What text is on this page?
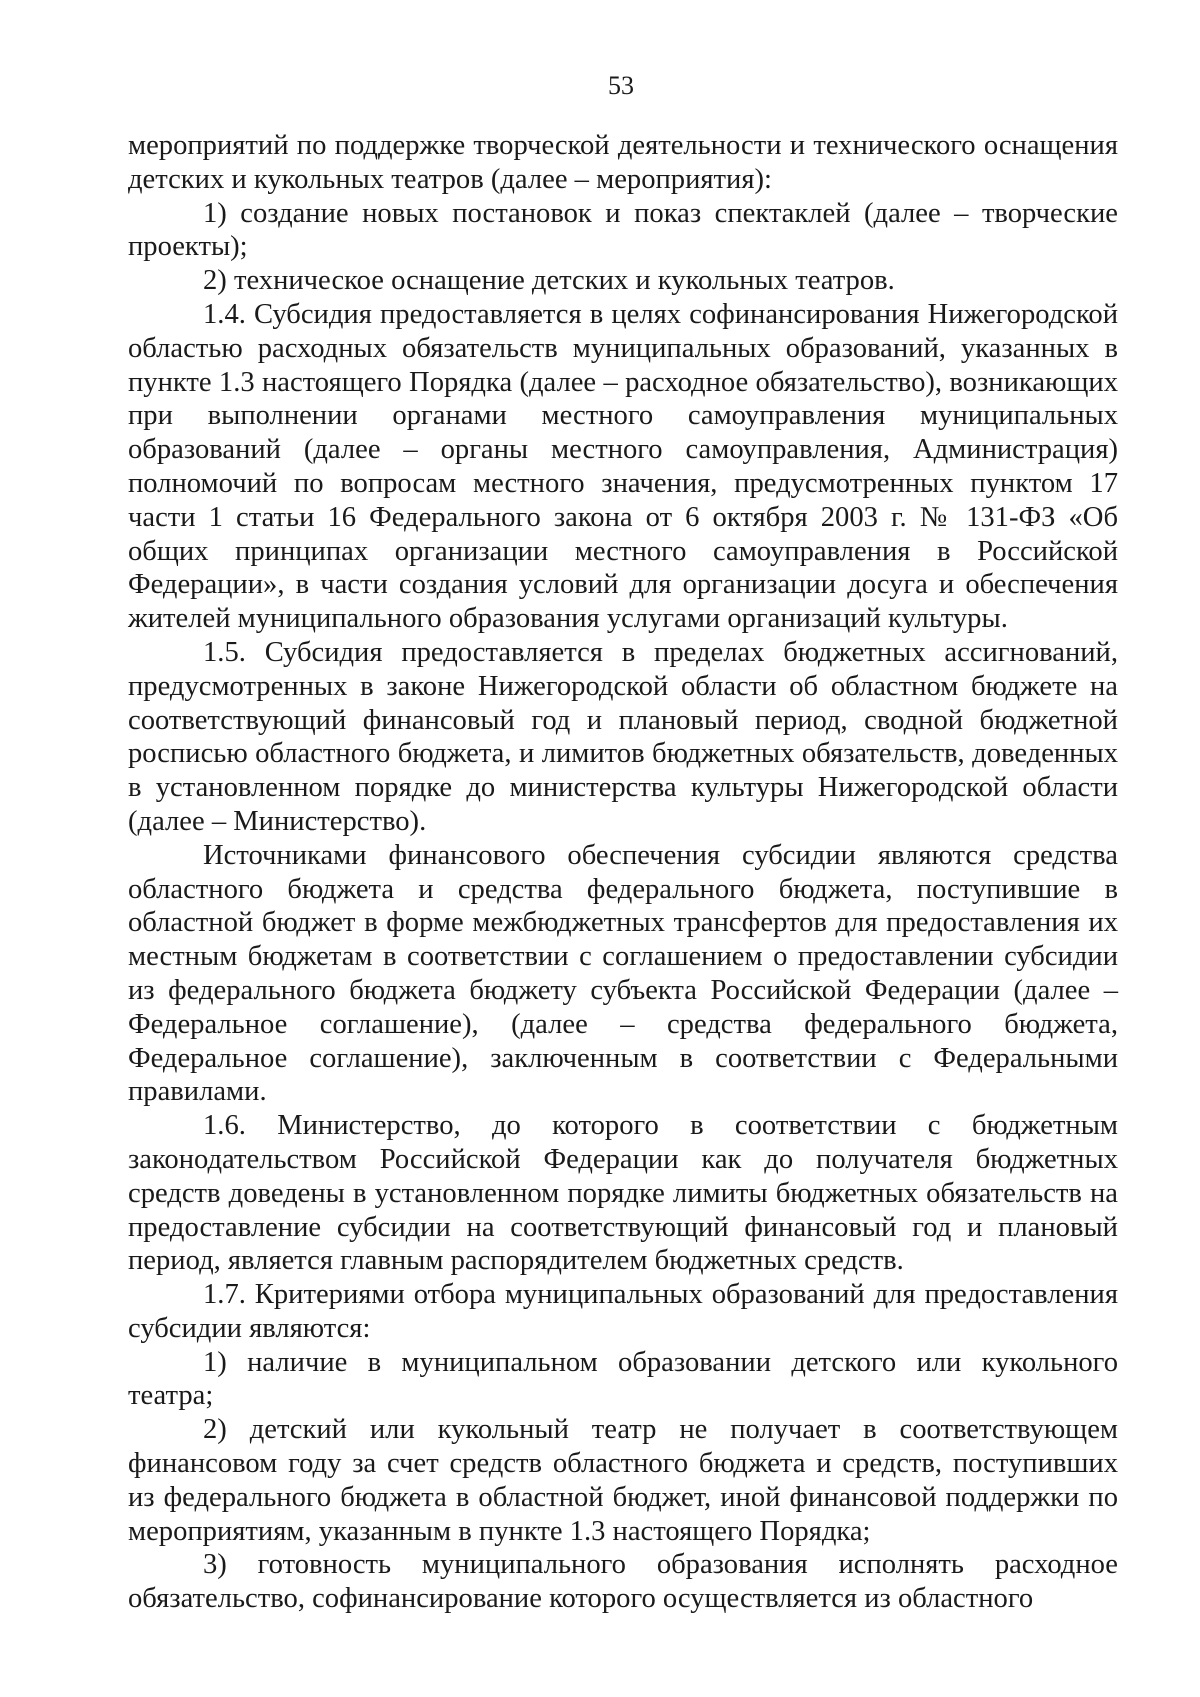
53

мероприятий по поддержке творческой деятельности и технического оснащения детских и кукольных театров (далее – мероприятия):

1) создание новых постановок и показ спектаклей (далее – творческие проекты);

2) техническое оснащение детских и кукольных театров.

1.4. Субсидия предоставляется в целях софинансирования Нижегородской областью расходных обязательств муниципальных образований, указанных в пункте 1.3 настоящего Порядка (далее – расходное обязательство), возникающих при выполнении органами местного самоуправления муниципальных образований (далее – органы местного самоуправления, Администрация) полномочий по вопросам местного значения, предусмотренных пунктом 17 части 1 статьи 16 Федерального закона от 6 октября 2003 г. № 131-ФЗ «Об общих принципах организации местного самоуправления в Российской Федерации», в части создания условий для организации досуга и обеспечения жителей муниципального образования услугами организаций культуры.

1.5. Субсидия предоставляется в пределах бюджетных ассигнований, предусмотренных в законе Нижегородской области об областном бюджете на соответствующий финансовый год и плановый период, сводной бюджетной росписью областного бюджета, и лимитов бюджетных обязательств, доведенных в установленном порядке до министерства культуры Нижегородской области (далее – Министерство).

Источниками финансового обеспечения субсидии являются средства областного бюджета и средства федерального бюджета, поступившие в областной бюджет в форме межбюджетных трансфертов для предоставления их местным бюджетам в соответствии с соглашением о предоставлении субсидии из федерального бюджета бюджету субъекта Российской Федерации (далее – Федеральное соглашение), (далее – средства федерального бюджета, Федеральное соглашение), заключенным в соответствии с Федеральными правилами.

1.6. Министерство, до которого в соответствии с бюджетным законодательством Российской Федерации как до получателя бюджетных средств доведены в установленном порядке лимиты бюджетных обязательств на предоставление субсидии на соответствующий финансовый год и плановый период, является главным распорядителем бюджетных средств.

1.7. Критериями отбора муниципальных образований для предоставления субсидии являются:

1) наличие в муниципальном образовании детского или кукольного театра;

2) детский или кукольный театр не получает в соответствующем финансовом году за счет средств областного бюджета и средств, поступивших из федерального бюджета в областной бюджет, иной финансовой поддержки по мероприятиям, указанным в пункте 1.3 настоящего Порядка;

3) готовность муниципального образования исполнять расходное обязательство, софинансирование которого осуществляется из областного
